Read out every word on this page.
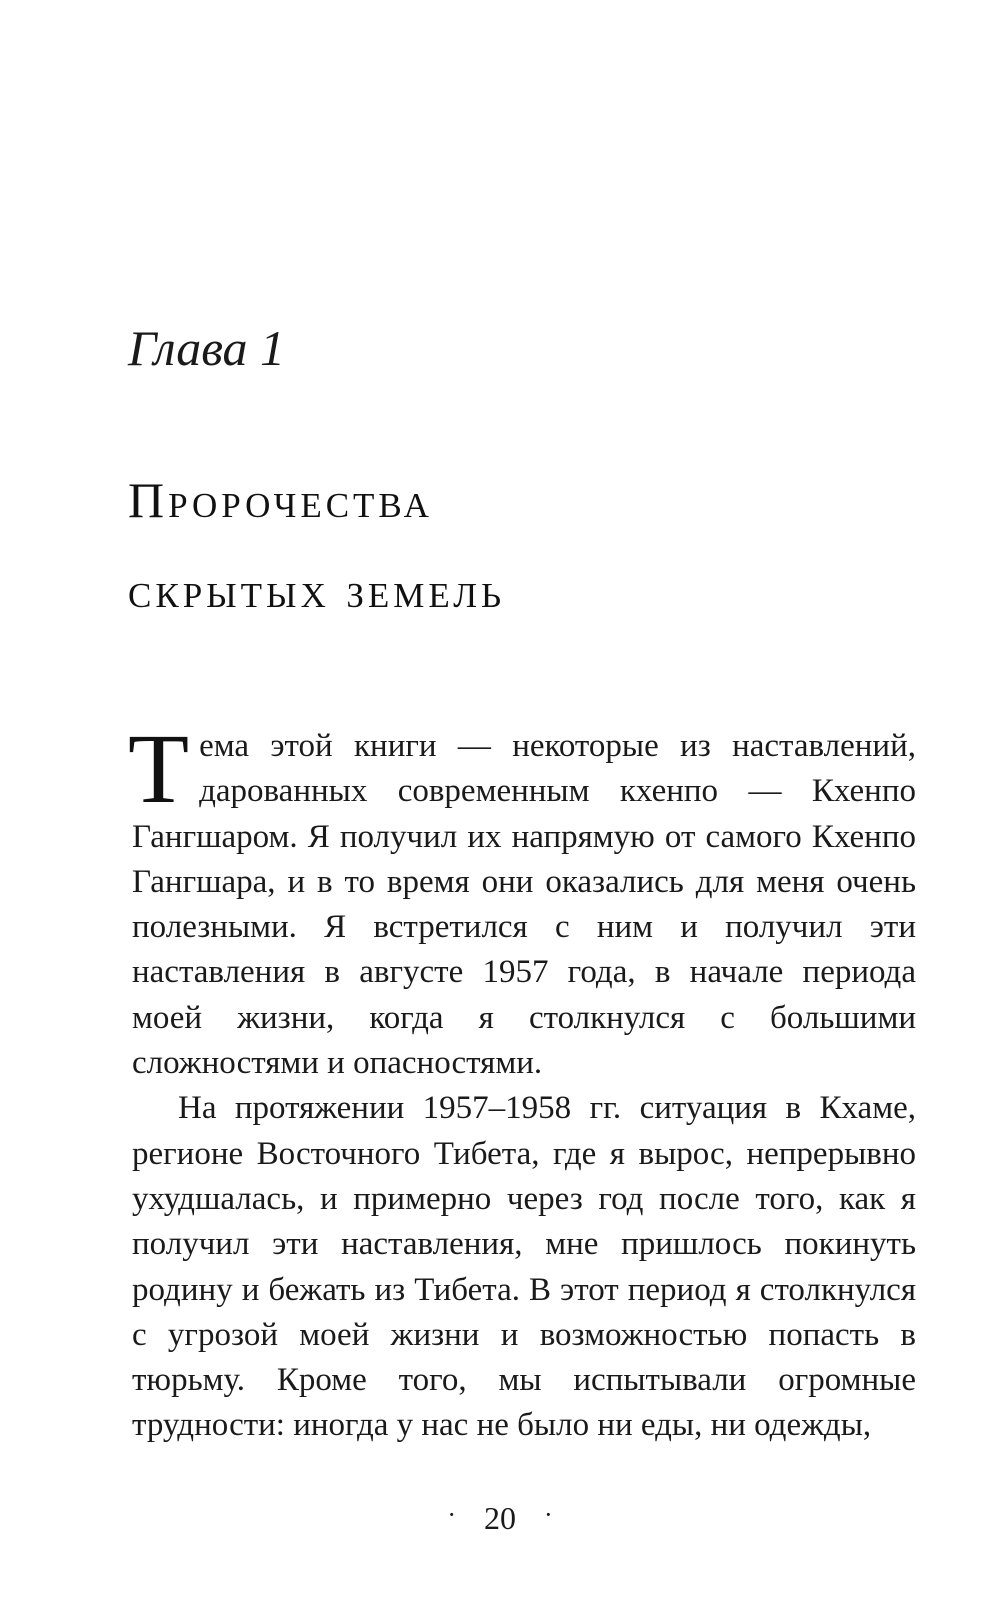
Глава 1
Пророчества
скрытых земель

Тема этой книги — некоторые из наставлений, дарованных современным кхенпо — Кхенпо Гангшаром. Я получил их напрямую от самого Кхенпо Гангшара, и в то время они оказались для меня очень полезными. Я встретился с ним и получил эти наставления в августе 1957 года, в начале периода моей жизни, когда я столкнулся с большими сложностями и опасностями.

На протяжении 1957–1958 гг. ситуация в Кхаме, регионе Восточного Тибета, где я вырос, непрерывно ухудшалась, и примерно через год после того, как я получил эти наставления, мне пришлось покинуть родину и бежать из Тибета. В этот период я столкнулся с угрозой моей жизни и возможностью попасть в тюрьму. Кроме того, мы испытывали огромные трудности: иногда у нас не было ни еды, ни одежды,

· 20 ·
